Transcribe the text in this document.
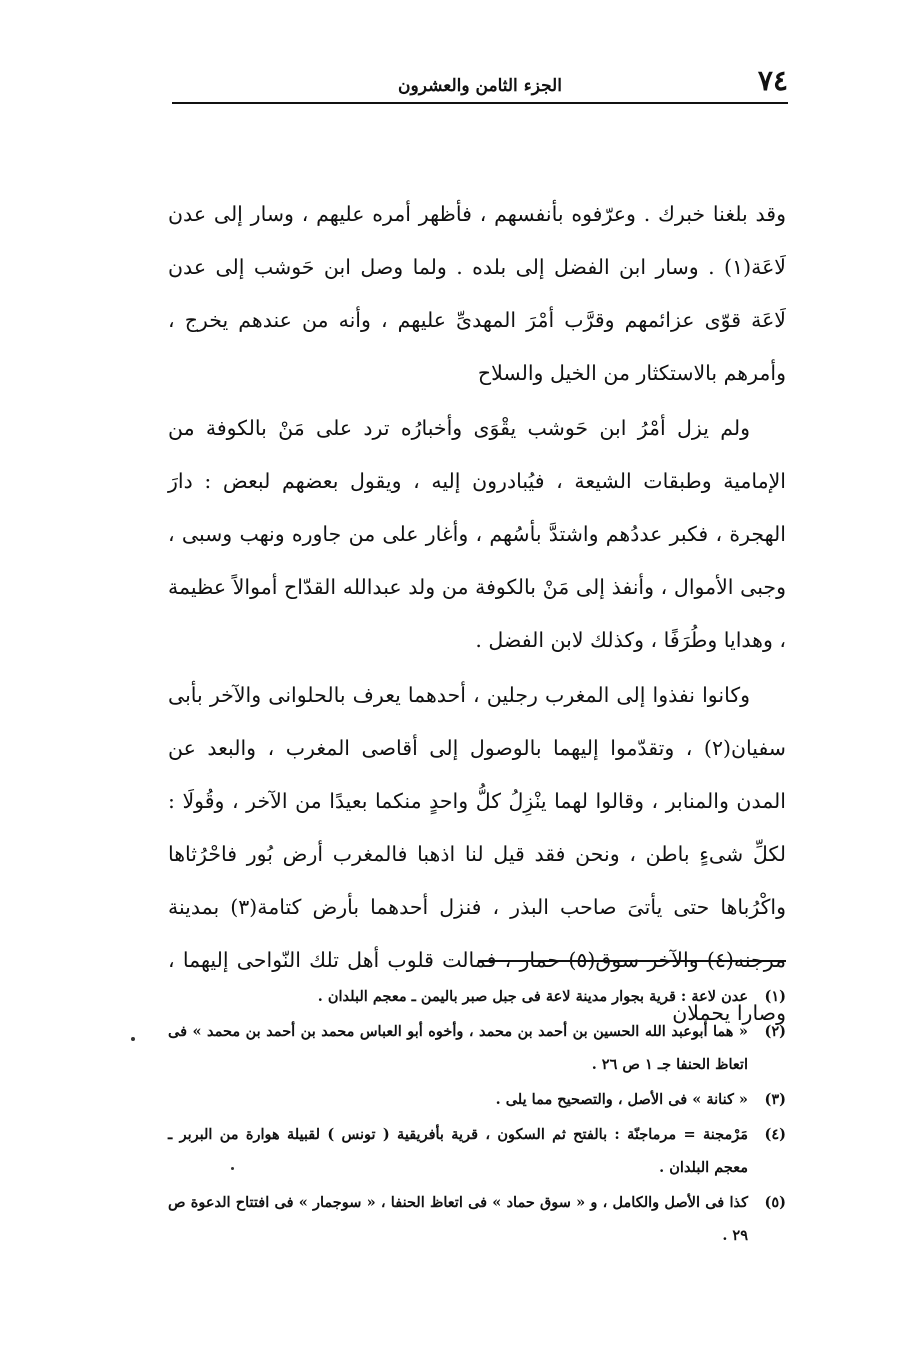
٧٤
الجزء الثامن والعشرون

وقد بلغنا خبرك . وعرّفوه بأنفسهم ، فأظهر أمره عليهم ، وسار إلى عدن لَاعَة(١) . وسار ابن الفضل إلى بلده . ولما وصل ابن حَوشب إلى عدن لَاعَة قوّى عزائمهم وقرَّب أمْرَ المهدىِّ عليهم ، وأنه من عندهم يخرج ، وأمرهم بالاستكثار من الخيل والسلاح

ولم يزل أمْرُ ابن حَوشب يقْوَى وأخبارُه ترد على مَنْ بالكوفة من الإمامية وطبقات الشيعة ، فيُبادرون إليه ، ويقول بعضهم لبعض : دارَ الهجرة ، فكبر عددُهم واشتدَّ بأسُهم ، وأغار على من جاوره ونهب وسبى ، وجبى الأموال ، وأنفذ إلى مَنْ بالكوفة من ولد عبدالله القدّاح أموالاً عظيمة ، وهدايا وطُرَفًا ، وكذلك لابن الفضل .

وكانوا نفذوا إلى المغرب رجلين ، أحدهما يعرف بالحلوانى والآخر بأبى سفيان(٢) ، وتقدّموا إليهما بالوصول إلى أقاصى المغرب ، والبعد عن المدن والمنابر ، وقالوا لهما ينْزِلُ كلُّ واحدٍ منكما بعيدًا من الآخر ، وقُولَا : لكلِّ شىءٍ باطن ، ونحن فقد قيل لنا اذهبا فالمغرب أرض بُور فاحْرُثاها واكْرُباها حتى يأتىَ صاحب البذر ، فنزل أحدهما بأرض كتامة(٣) بمدينة مرجنه(٤) والآخر سوق(٥) حمار ، فمالت قلوب أهل تلك النّواحى إليهما ، وصارا يحملان

(١)
عدن لاعة : قرية بجوار مدينة لاعة فى جبل صبر باليمن ـ معجم البلدان .
(٢)
« هما أبوعبد الله الحسين بن أحمد بن محمد ، وأخوه أبو العباس محمد بن أحمد بن محمد » فى اتعاظ الحنفا جـ ١ ص ٢٦ .
(٣)
« كنانة » فى الأصل ، والتصحيح مما يلى .
(٤)
مَرْمجنة = مرماجنّة : بالفتح ثم السكون ، قرية بأفريقية ( تونس ) لقبيلة هوارة من البربر ـ معجم البلدان .
(٥)
كذا فى الأصل والكامل ، و « سوق حماد » فى اتعاظ الحنفا ، « سوجمار » فى افتتاح الدعوة ص ٢٩ .
